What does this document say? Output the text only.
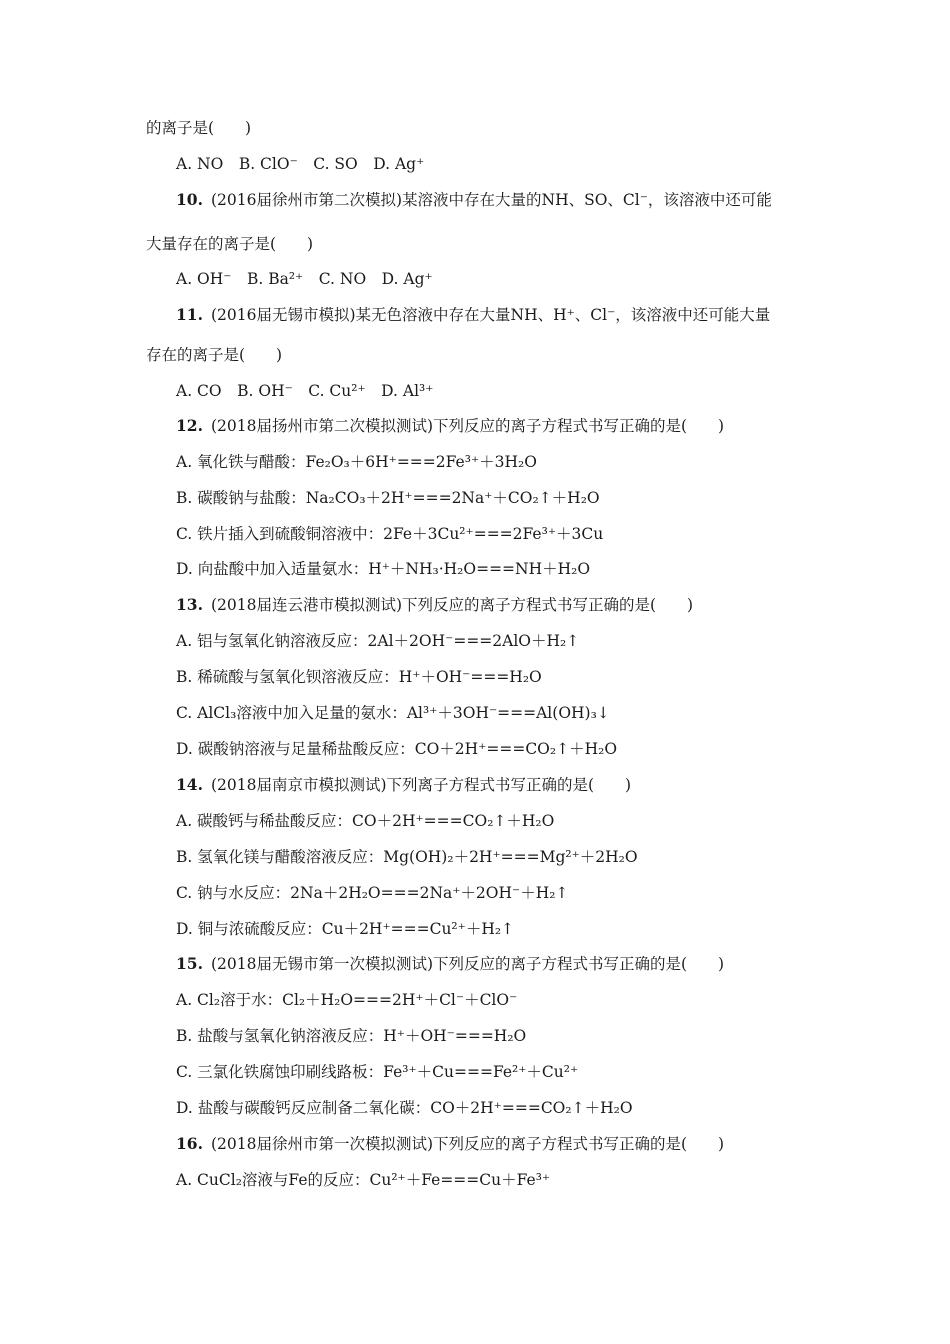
的离子是(　　)
A. NO　B. ClO⁻　C. SO　D. Ag⁺
10. (2016届徐州市第二次模拟)某溶液中存在大量的NH、SO、Cl⁻，该溶液中还可能
大量存在的离子是(　　)
A. OH⁻　B. Ba²⁺　C. NO　D. Ag⁺
11. (2016届无锡市模拟)某无色溶液中存在大量NH、H⁺、Cl⁻，该溶液中还可能大量
存在的离子是(　　)
A. CO　B. OH⁻　C. Cu²⁺　D. Al³⁺
12. (2018届扬州市第二次模拟测试)下列反应的离子方程式书写正确的是(　　)
A. 氧化铁与醋酸：Fe₂O₃＋6H⁺===2Fe³⁺＋3H₂O
B. 碳酸钠与盐酸：Na₂CO₃＋2H⁺===2Na⁺＋CO₂↑＋H₂O
C. 铁片插入到硫酸铜溶液中：2Fe＋3Cu²⁺===2Fe³⁺＋3Cu
D. 向盐酸中加入适量氨水：H⁺＋NH₃·H₂O===NH＋H₂O
13. (2018届连云港市模拟测试)下列反应的离子方程式书写正确的是(　　)
A. 铝与氢氧化钠溶液反应：2Al＋2OH⁻===2AlO＋H₂↑
B. 稀硫酸与氢氧化钡溶液反应：H⁺＋OH⁻===H₂O
C. AlCl₃溶液中加入足量的氨水：Al³⁺＋3OH⁻===Al(OH)₃↓
D. 碳酸钠溶液与足量稀盐酸反应：CO＋2H⁺===CO₂↑＋H₂O
14. (2018届南京市模拟测试)下列离子方程式书写正确的是(　　)
A. 碳酸钙与稀盐酸反应：CO＋2H⁺===CO₂↑＋H₂O
B. 氢氧化镁与醋酸溶液反应：Mg(OH)₂＋2H⁺===Mg²⁺＋2H₂O
C. 钠与水反应：2Na＋2H₂O===2Na⁺＋2OH⁻＋H₂↑
D. 铜与浓硫酸反应：Cu＋2H⁺===Cu²⁺＋H₂↑
15. (2018届无锡市第一次模拟测试)下列反应的离子方程式书写正确的是(　　)
A. Cl₂溶于水：Cl₂＋H₂O===2H⁺＋Cl⁻＋ClO⁻
B. 盐酸与氢氧化钠溶液反应：H⁺＋OH⁻===H₂O
C. 三氯化铁腐蚀印刷线路板：Fe³⁺＋Cu===Fe²⁺＋Cu²⁺
D. 盐酸与碳酸钙反应制备二氧化碳：CO＋2H⁺===CO₂↑＋H₂O
16. (2018届徐州市第一次模拟测试)下列反应的离子方程式书写正确的是(　　)
A. CuCl₂溶液与Fe的反应：Cu²⁺＋Fe===Cu＋Fe³⁺
